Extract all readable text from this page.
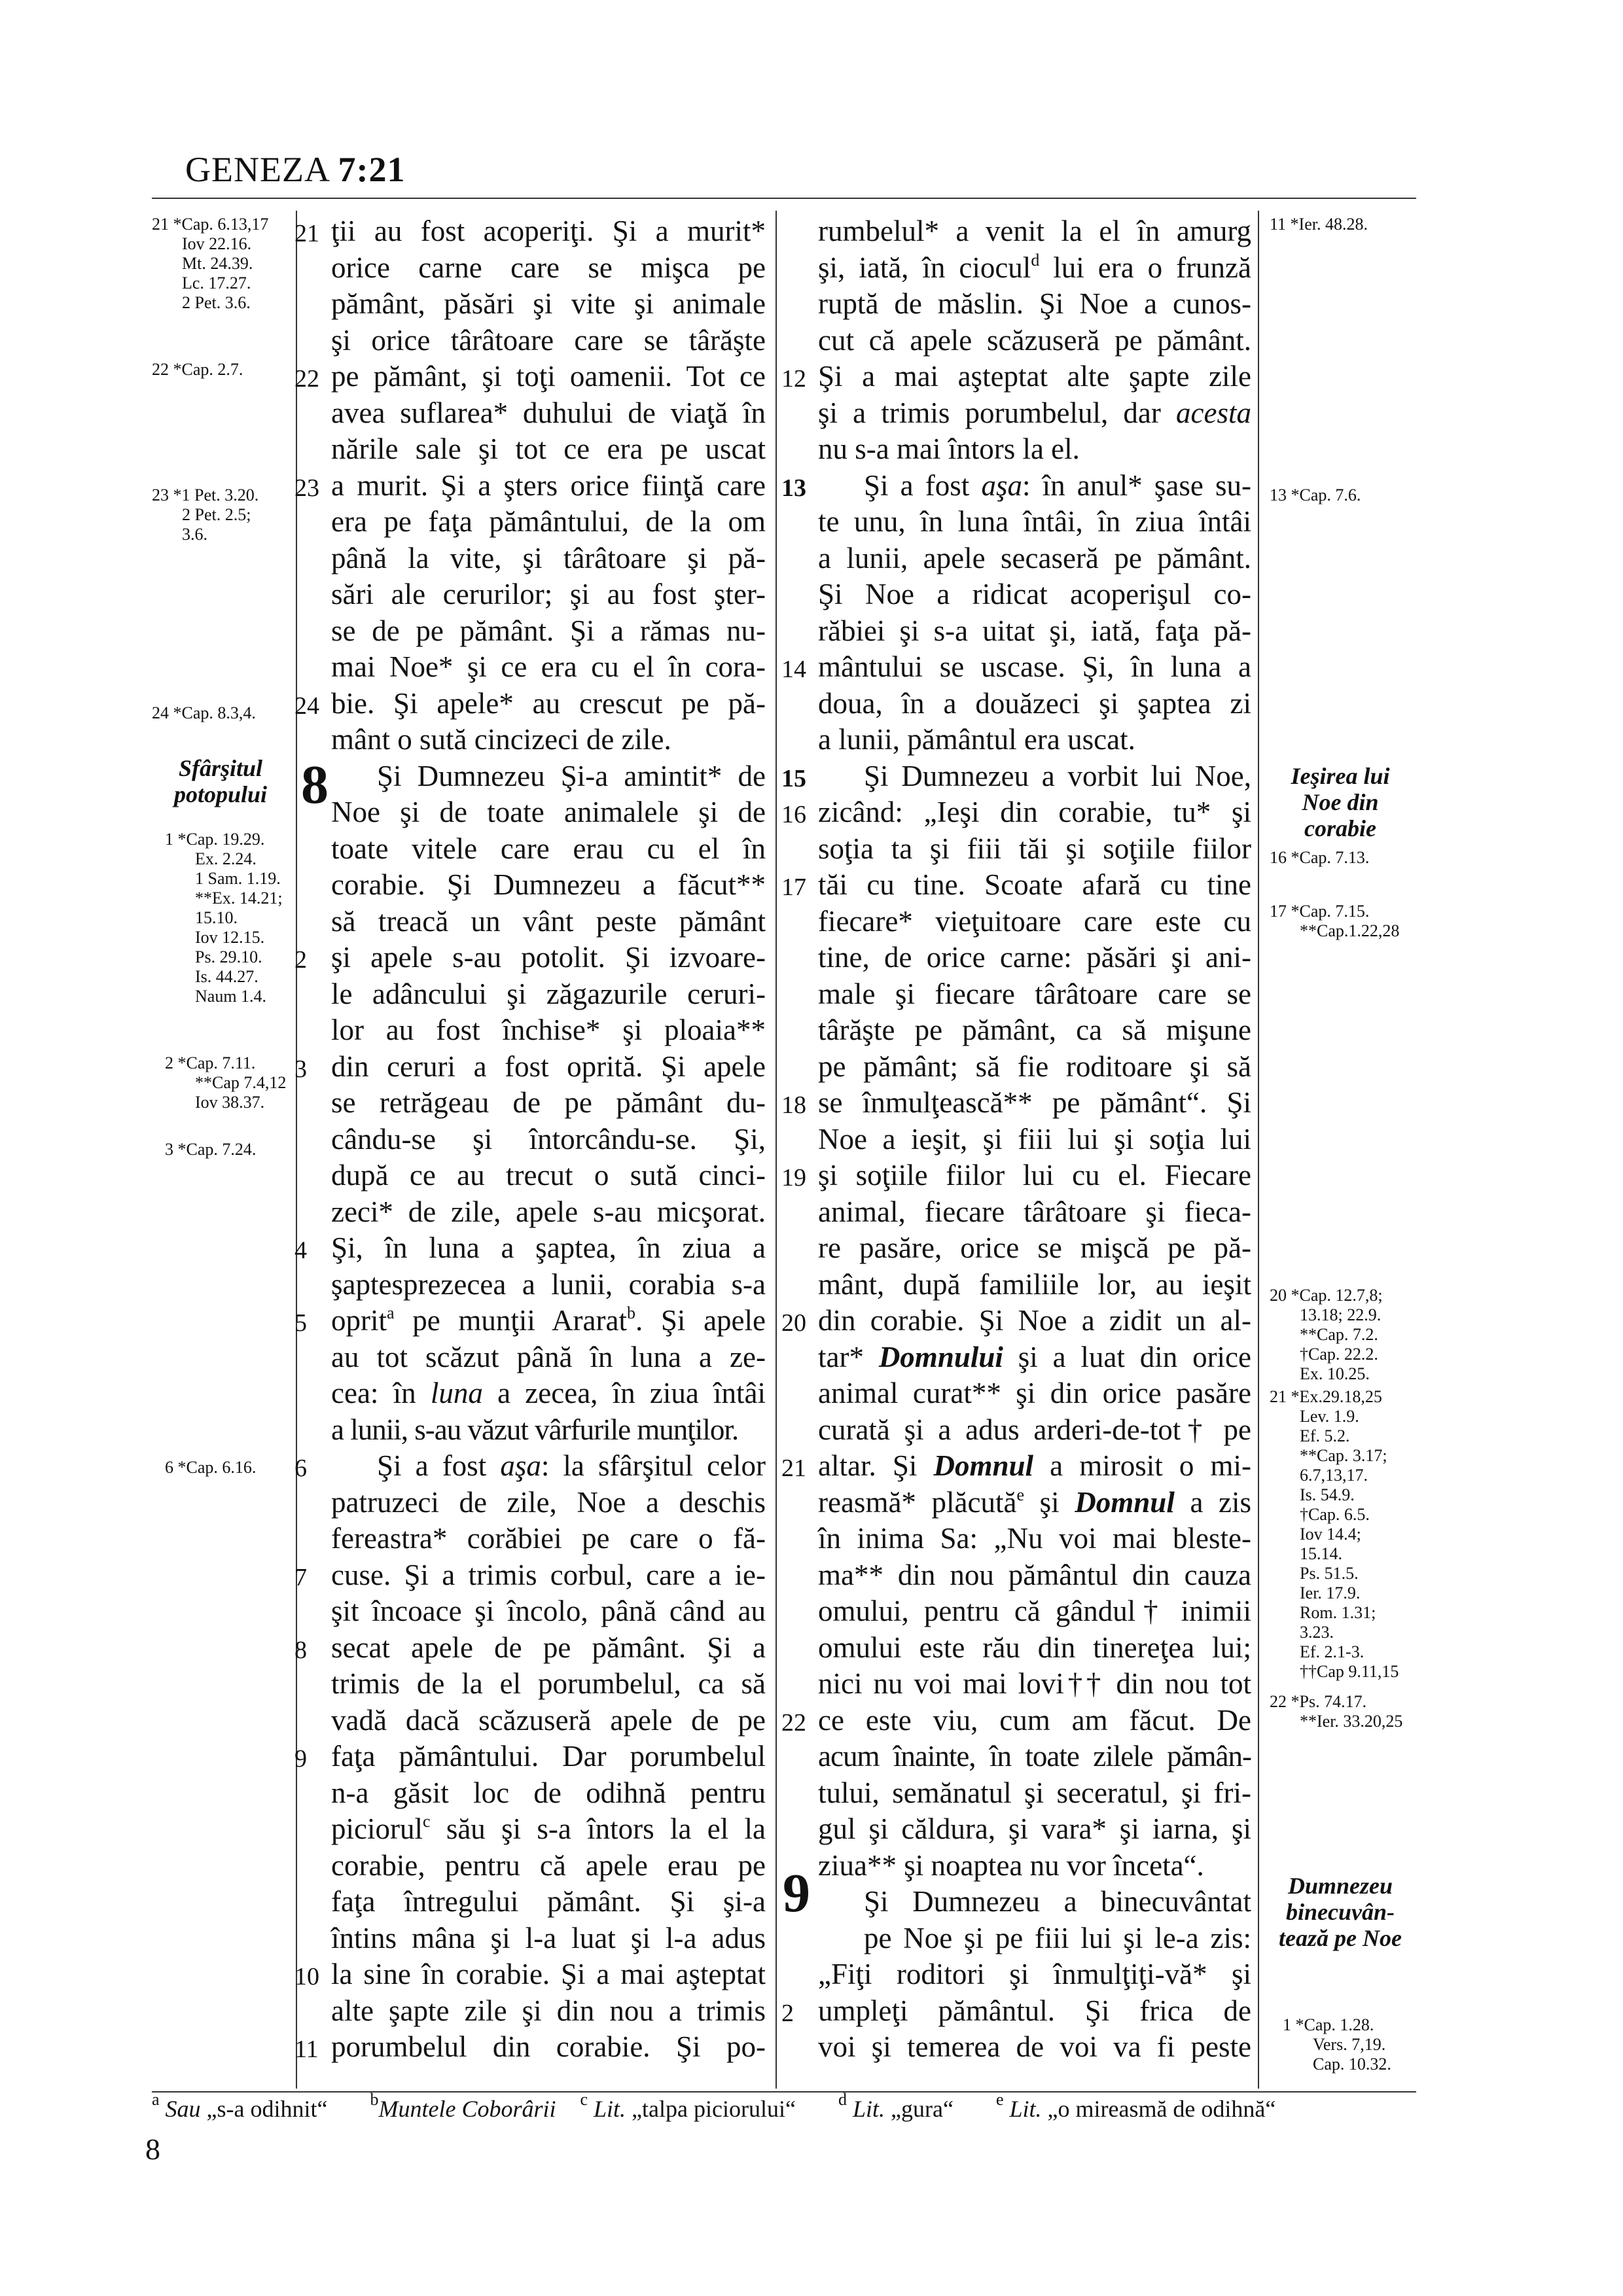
GENEZA 7:21
21 *Cap. 6.13,17
Iov 22.16.
Mt. 24.39.
Lc. 17.27.
2 Pet. 3.6.
22 *Cap. 2.7.
23 *1 Pet. 3.20.
2 Pet. 2.5;
3.6.
24 *Cap. 8.3,4.
1 *Cap. 19.29.
Ex. 2.24.
1 Sam. 1.19.
**Ex. 14.21;
15.10.
Iov 12.15.
Ps. 29.10.
Is. 44.27.
Naum 1.4.
2 *Cap. 7.11.
**Cap 7.4,12
Iov 38.37.
3 *Cap. 7.24.
6 *Cap. 6.16.
Sfârşitul
potopului
11 *Ier. 48.28.
13 *Cap. 7.6.
16 *Cap. 7.13.
17 *Cap. 7.15.
**Cap.1.22,28
20 *Cap. 12.7,8;
13.18; 22.9.
**Cap. 7.2.
†Cap. 22.2.
Ex. 10.25.
21 *Ex.29.18,25
Lev. 1.9.
Ef. 5.2.
**Cap. 3.17;
6.7,13,17.
Is. 54.9.
†Cap. 6.5.
Iov 14.4;
15.14.
Ps. 51.5.
Ier. 17.9.
Rom. 1.31;
3.23.
Ef. 2.1-3.
††Cap 9.11,15
22 *Ps. 74.17.
**Ier. 33.20,25
1 *Cap. 1.28.
Vers. 7,19.
Cap. 10.32.
Ieşirea lui
Noe din
corabie
Dumnezeu
binecuvân-
tează pe Noe
8
9
21 ţii au fost acoperiţi. Şi a murit*
orice carne care se mişca pe
pământ, păsări şi vite şi animale
şi orice târâtoare care se târăşte
22 pe pământ, şi toţi oamenii. Tot ce
avea suflarea* duhului de viaţă în
nările sale şi tot ce era pe uscat
23 a murit. Şi a şters orice fiinţă care
era pe faţa pământului, de la om
până la vite, şi târâtoare şi pă-
sări ale cerurilor; şi au fost şter-
se de pe pământ. Şi a rămas nu-
mai Noe* şi ce era cu el în cora-
24 bie. Şi apele* au crescut pe pă-
mânt o sută cincizeci de zile.
Şi Dumnezeu Şi-a amintit* de
Noe şi de toate animalele şi de
toate vitele care erau cu el în
corabie. Şi Dumnezeu a făcut**
să treacă un vânt peste pământ
2 şi apele s-au potolit. Şi izvoare-
le adâncului şi zăgazurile ceruri-
lor au fost închise* şi ploaia**
3 din ceruri a fost oprită. Şi apele
se retrăgeau de pe pământ du-
cându-se şi întorcându-se. Şi,
după ce au trecut o sută cinci-
zeci* de zile, apele s-au micşorat.
4 Şi, în luna a şaptea, în ziua a
şaptesprezecea a lunii, corabia s-a
5 oprit$^a$ pe munţii Ararat$^b$. Şi apele
au tot scăzut până în luna a ze-
cea: în luna a zecea, în ziua întâi
a lunii, s-au văzut vârfurile munţilor.
6	Şi a fost aşa: la sfârşitul celor
patruzeci de zile, Noe a deschis
fereastra* corăbiei pe care o fă-
7 cuse. Şi a trimis corbul, care a ie-
şit încoace şi încolo, până când au
8 secat apele de pe pământ. Şi a
trimis de la el porumbelul, ca să
vadă dacă scăzuseră apele de pe
9 faţa pământului. Dar porumbelul
n-a găsit loc de odihnă pentru
piciorul$^c$ său şi s-a întors la el la
corabie, pentru că apele erau pe
faţa întregului pământ. Şi şi-a
întins mâna şi l-a luat şi l-a adus
10 la sine în corabie. Şi a mai aşteptat
alte şapte zile şi din nou a trimis
11 porumbelul din corabie. Şi po-
rumbelul* a venit la el în amurg
şi, iată, în ciocul$^d$ lui era o frunză
ruptă de măslin. Şi Noe a cunos-
cut că apele scăzuseră pe pământ.
12 Şi a mai aşteptat alte şapte zile
şi a trimis porumbelul, dar acesta
nu s-a mai întors la el.
13 Şi a fost aşa: în anul* şase su-
te unu, în luna întâi, în ziua întâi
a lunii, apele secaseră pe pământ.
Şi Noe a ridicat acoperişul co-
răbiei şi s-a uitat şi, iată, faţa pă-
14 mântului se uscase. Şi, în luna a
doua, în a douăzeci şi şaptea zi
a lunii, pământul era uscat.
15 Şi Dumnezeu a vorbit lui Noe,
16 zicând: „Ieşi din corabie, tu* şi
soţia ta şi fiii tăi şi soţiile fiilor
17 tăi cu tine. Scoate afară cu tine
fiecare* vieţuitoare care este cu
tine, de orice carne: păsări şi ani-
male şi fiecare târâtoare care se
târăşte pe pământ, ca să mişune
pe pământ; să fie roditoare şi să
18 se înmulţească** pe pământ“. Şi
Noe a ieşit, şi fiii lui şi soţia lui
19 şi soţiile fiilor lui cu el. Fiecare
animal, fiecare târâtoare şi fieca-
re pasăre, orice se mişcă pe pă-
mânt, după familiile lor, au ieşit
20 din corabie. Şi Noe a zidit un al-
tar* Domnului şi a luat din orice
animal curat** şi din orice pasăre
curată şi a adus arderi-de-tot† pe
21 altar. Şi Domnul a mirosit o mi-
reasmă* plăcută$^e$ şi Domnul a zis
în inima Sa: „Nu voi mai bleste-
ma** din nou pământul din cauza
omului, pentru că gândul† inimii
omului este rău din tinereţea lui;
nici nu voi mai lovi†† din nou tot
22 ce este viu, cum am făcut. De
acum înainte, în toate zilele pămân-
tului, semănatul şi seceratul, şi fri-
gul şi căldura, şi vara* şi iarna, şi
ziua** şi noaptea nu vor înceta“.
Şi Dumnezeu a binecuvântat
pe Noe şi pe fiii lui şi le-a zis:
„Fiţi roditori şi înmulţiţi-vă* şi
2 umpleţi pământul. Şi frica de
voi şi temerea de voi va fi peste
$^a$ Sau „s-a odihnit“	$^b$Muntele Coborârii $^c$ Lit. „talpa piciorului“	$^d$ Lit. „gura“	$^e$ Lit. „o mireasmă de odihnă“
8
